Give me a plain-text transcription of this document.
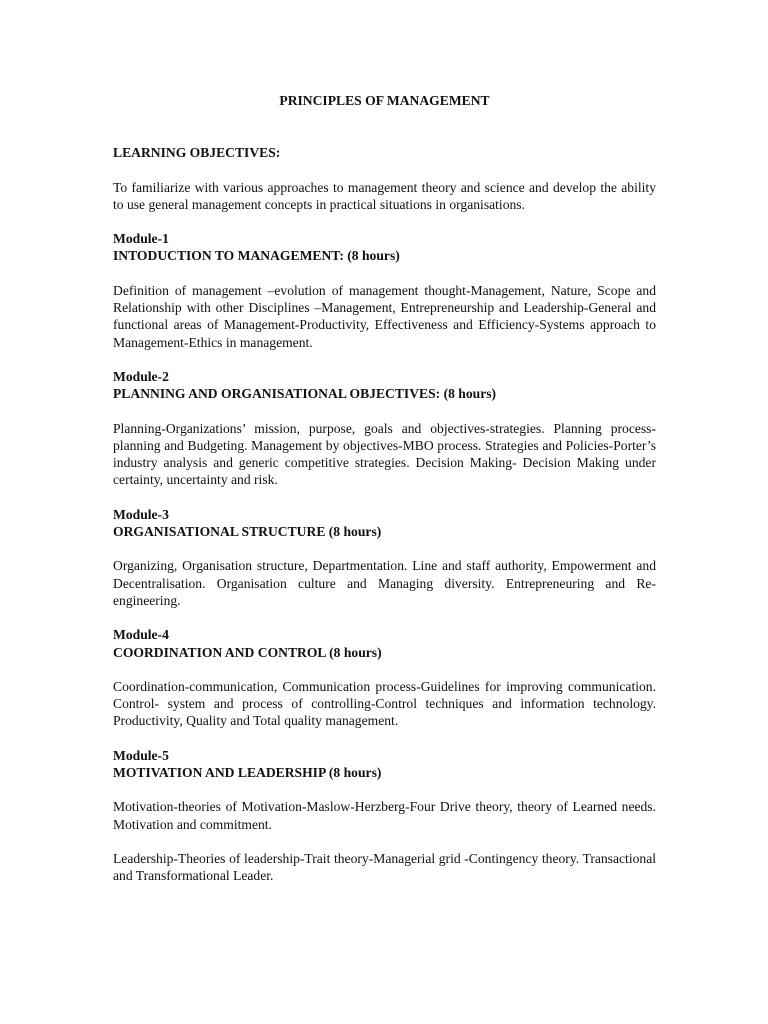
PRINCIPLES OF MANAGEMENT

LEARNING OBJECTIVES:

To familiarize with various approaches to management theory and science and develop the ability to use general management concepts in practical situations in organisations.

Module-1

INTODUCTION TO MANAGEMENT: (8 hours)

Definition of management –evolution of management thought-Management, Nature, Scope and Relationship with other Disciplines –Management, Entrepreneurship and Leadership-General and functional areas of Management-Productivity, Effectiveness and Efficiency-Systems approach to Management-Ethics in management.

Module-2

PLANNING AND ORGANISATIONAL OBJECTIVES: (8 hours)

Planning-Organizations’ mission, purpose, goals and objectives-strategies. Planning process-planning and Budgeting. Management by objectives-MBO process. Strategies and Policies-Porter’s industry analysis and generic competitive strategies. Decision Making- Decision Making under certainty, uncertainty and risk.

Module-3

ORGANISATIONAL STRUCTURE (8 hours)

Organizing, Organisation structure, Departmentation. Line and staff authority, Empowerment and Decentralisation. Organisation culture and Managing diversity. Entrepreneuring and Re-engineering.

Module-4

COORDINATION AND CONTROL (8 hours)

Coordination-communication, Communication process-Guidelines for improving communication. Control- system and process of controlling-Control techniques and information technology. Productivity, Quality and Total quality management.

Module-5

MOTIVATION AND LEADERSHIP (8 hours)

Motivation-theories of Motivation-Maslow-Herzberg-Four Drive theory, theory of Learned needs. Motivation and commitment.

Leadership-Theories of leadership-Trait theory-Managerial grid -Contingency theory. Transactional and Transformational Leader.
